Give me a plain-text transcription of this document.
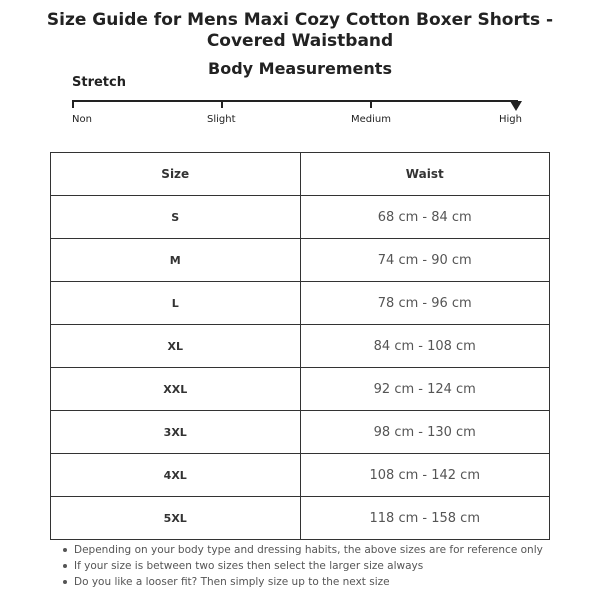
Size Guide for Mens Maxi Cozy Cotton Boxer Shorts -
Covered Waistband
Body Measurements
Stretch
Non	Slight	Medium	High
Size	Waist
S	68 cm - 84 cm
M	74 cm - 90 cm
L	78 cm - 96 cm
XL	84 cm - 108 cm
XXL	92 cm - 124 cm
3XL	98 cm - 130 cm
4XL	108 cm - 142 cm
5XL	118 cm - 158 cm
Depending on your body type and dressing habits, the above sizes are for reference only
If your size is between two sizes then select the larger size always
Do you like a looser fit? Then simply size up to the next size
